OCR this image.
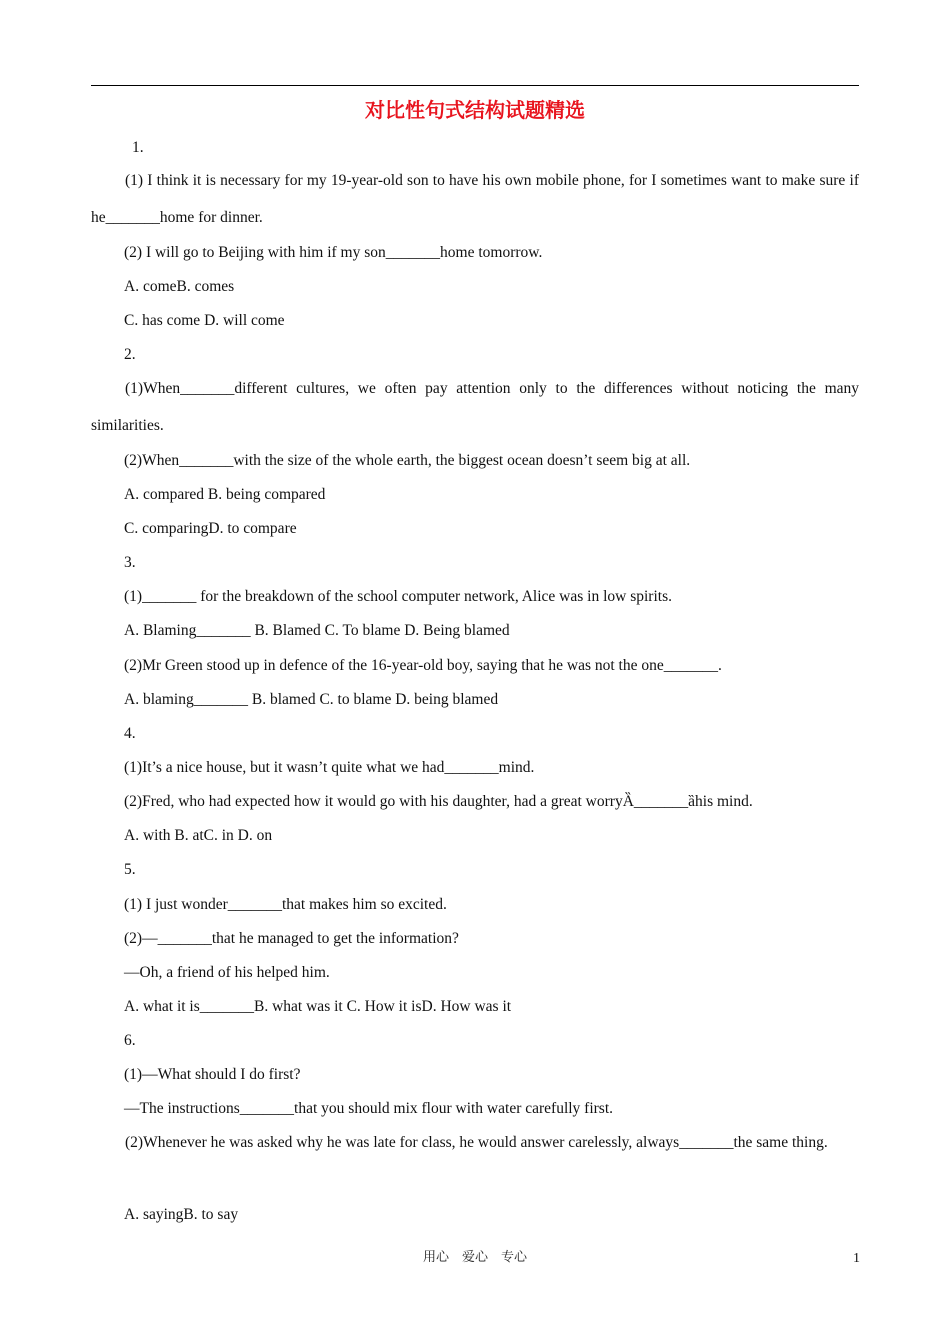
对比性句式结构试题精选
1.
(1) I think it is necessary for my 19-year-old son to have his own mobile phone, for I sometimes want to make sure if he_______home for dinner.
(2) I will go to Beijing with him if my son_______home tomorrow.
A. comeB. comes
C. has come D. will come
2.
(1)When_______different cultures, we often pay attention only to the differences without noticing the many similarities.
(2)When_______with the size of the whole earth, the biggest ocean doesn’t seem big at all.
A. compared B. being compared
C. comparingD. to compare
3.
(1)_______ for the breakdown of the school computer network, Alice was in low spirits.
A. Blaming_______ B. Blamed C. To blame D. Being blamed
(2)Mr Green stood up in defence of the 16-year-old boy, saying that he was not the one_______.
A. blaming_______ B. blamed C. to blame D. being blamed
4.
(1)It’s a nice house, but it wasn’t quite what we had_______mind.
(2)Fred, who had expected how it would go with his daughter, had a great worryȀ_______ȁhis mind.
A. with B. atC. in D. on
5.
(1) I just wonder_______that makes him so excited.
(2)—_______that he managed to get the information?
—Oh, a friend of his helped him.
A. what it is_______B. what was it C. How it isD. How was it
6.
(1)—What should I do first?
—The instructions_______that you should mix flour with water carefully first.
(2)Whenever he was asked why he was late for class, he would answer carelessly, always_______the same thing.
A. sayingB. to say
用心　爱心　专心	1
